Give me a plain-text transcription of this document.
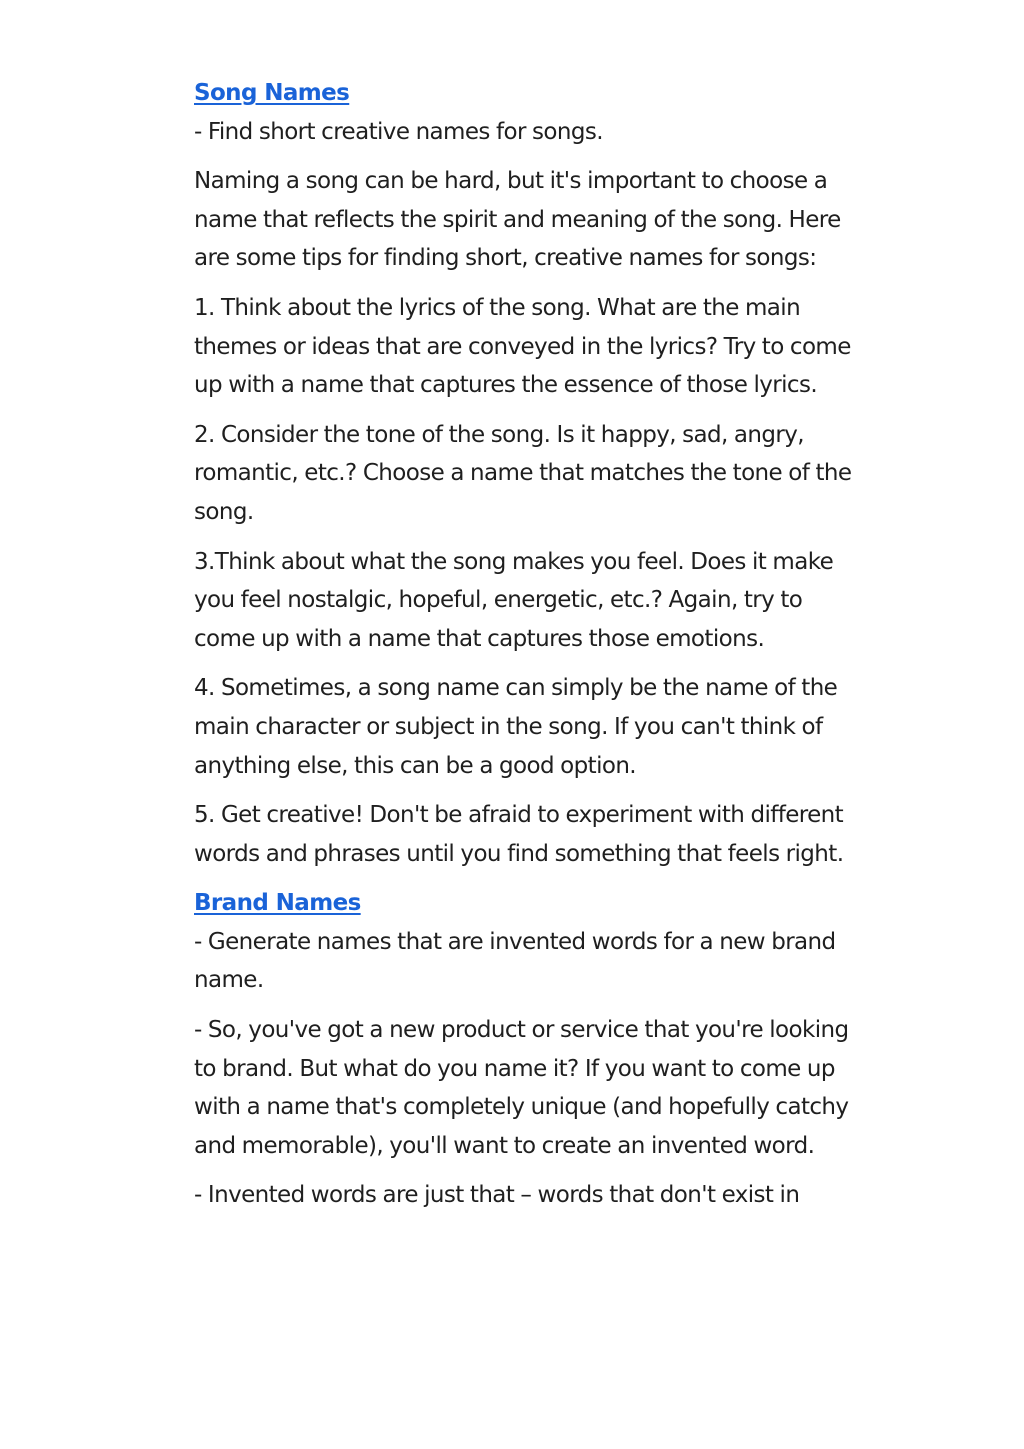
Song Names

- Find short creative names for songs.

Naming a song can be hard, but it's important to choose a name that reflects the spirit and meaning of the song. Here are some tips for finding short, creative names for songs:

1. Think about the lyrics of the song. What are the main themes or ideas that are conveyed in the lyrics? Try to come up with a name that captures the essence of those lyrics.

2. Consider the tone of the song. Is it happy, sad, angry, romantic, etc.? Choose a name that matches the tone of the song.

3.Think about what the song makes you feel. Does it make you feel nostalgic, hopeful, energetic, etc.? Again, try to come up with a name that captures those emotions.

4. Sometimes, a song name can simply be the name of the main character or subject in the song. If you can't think of anything else, this can be a good option.

5. Get creative! Don't be afraid to experiment with different words and phrases until you find something that feels right.

Brand Names

- Generate names that are invented words for a new brand name.

- So, you've got a new product or service that you're looking to brand. But what do you name it? If you want to come up with a name that's completely unique (and hopefully catchy and memorable), you'll want to create an invented word.

- Invented words are just that – words that don't exist in
